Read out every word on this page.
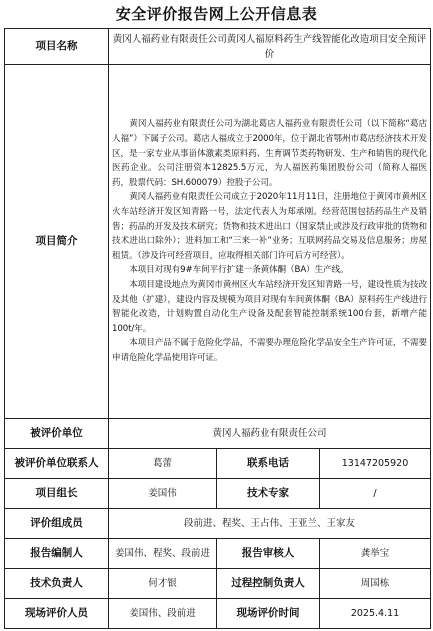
安全评价报告网上公开信息表
项目名称	黄冈人福药业有限责任公司黄冈人福原料药生产线智能化改造项目安全预评价		
项目简介	黄冈人福药业有限责任公司为湖北葛店人福药业有限责任公司（以下简称“葛店人福”）下属子公司。葛店人福成立于2000年，位于湖北省鄂州市葛店经济技术开发区，是一家专业从事甾体激素类原料药、生育调节类药物研发、生产和销售的现代化医药企业。公司注册资本12825.5万元，为人福医药集团股份公司（简称人福医药，股票代码：SH.600079）控股子公司。

黄冈人福药业有限责任公司成立于2020年11月11日，注册地位于黄冈市黄州区火车站经济开发区知青路一号，法定代表人为郑承刚。经营范围包括药品生产及销售；药品的开发及技术研究；货物和技术进出口（国家禁止或涉及行政审批的货物和技术进出口除外）；进料加工和“三来一补”业务；互联网药品交易及信息服务；房屋租赁。（涉及许可经营项目，应取得相关部门许可后方可经营）。

本项目对现有9#车间平行扩建一条黄体酮（BA）生产线。

本项目建设地点为黄冈市黄州区火车站经济开发区知青路一号，建设性质为技改及其他（扩建），建设内容及规模为项目对现有车间黄体酮（BA）原料药生产线进行智能化改造，计划购置自动化生产设备及配套智能控制系统100台套，新增产能100t/年。

本项目产品不属于危险化学品，不需要办理危险化学品安全生产许可证，不需要申请危险化学品使用许可证。		

被评价单位	黄冈人福药业有限责任公司		
被评价单位联系人	葛蕾	联系电话	13147205920
项目组长	姜国伟	技术专家	/
评价组成员	段前进、程奖、王占伟、王亚兰、王家友		
报告编制人	姜国伟、程奖、段前进	报告审核人	龚举宝
技术负责人	何才银	过程控制负责人	周国栋
现场评价人员	姜国伟、段前进	现场评价时间	2025.4.11
